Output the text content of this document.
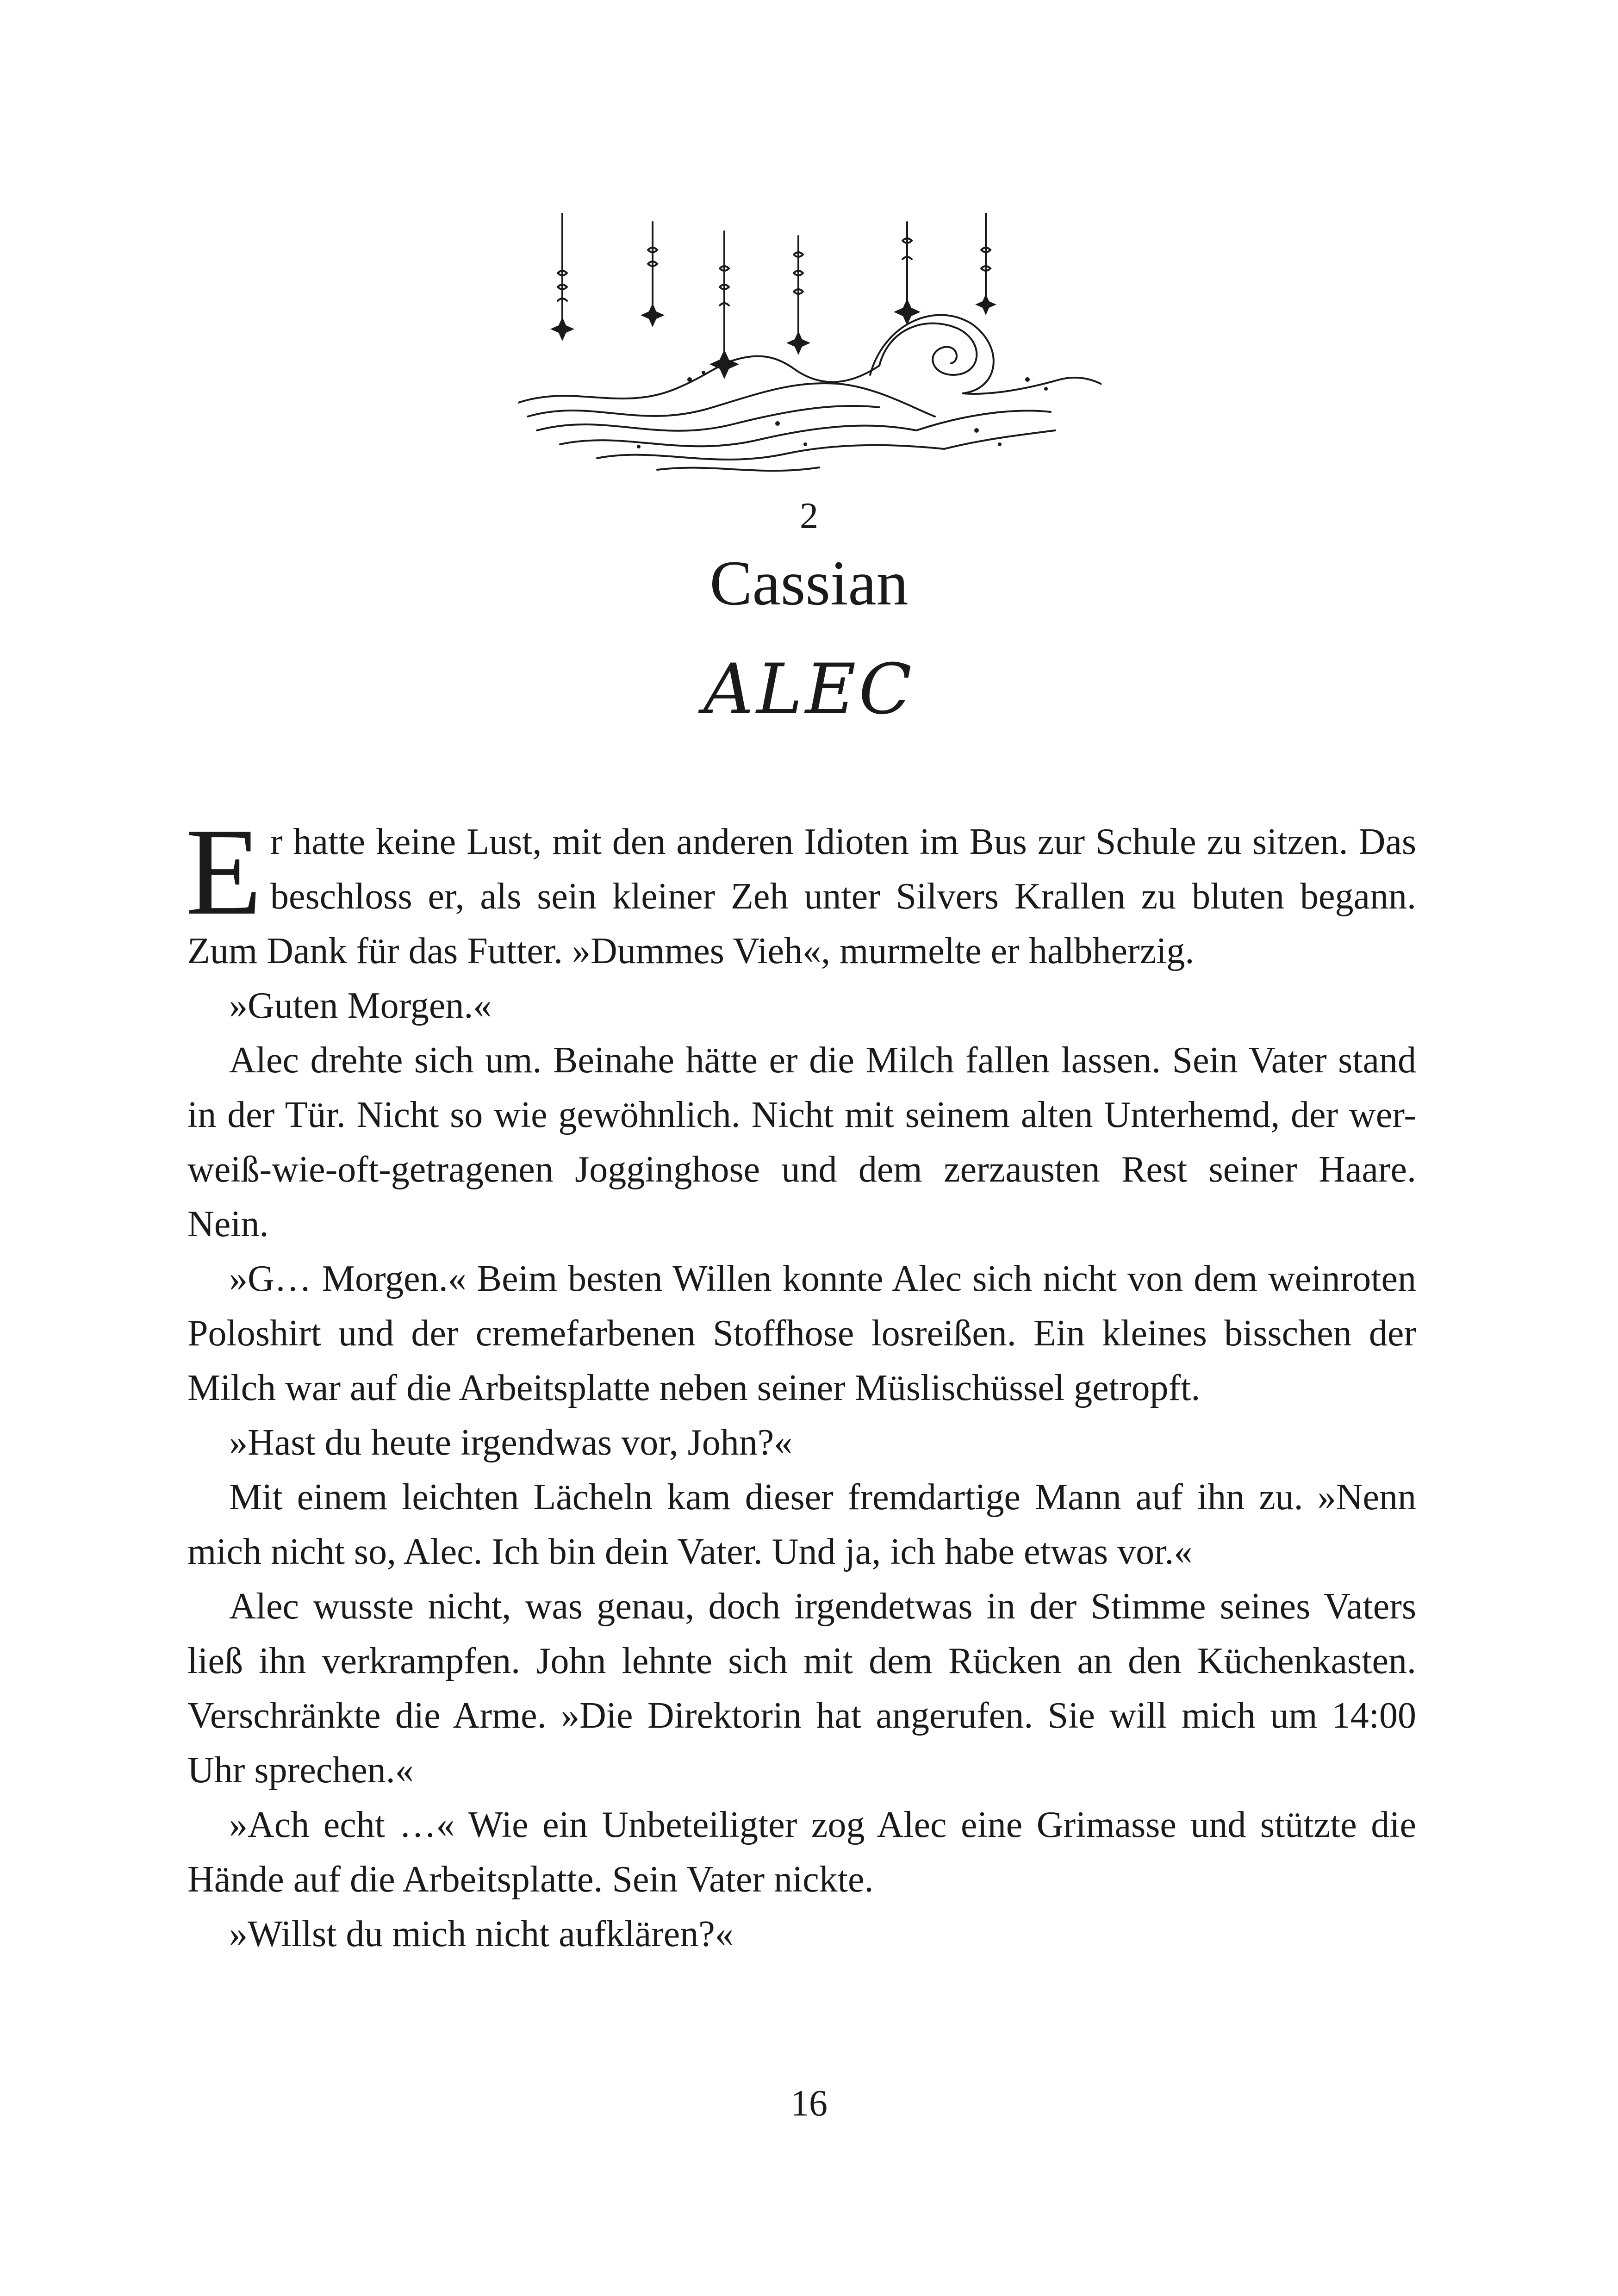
2
Cassian
ALEC

Er hatte keine Lust, mit den anderen Idioten im Bus zur Schule zu sitzen. Das beschloss er, als sein kleiner Zeh unter Silvers Krallen zu bluten begann. Zum Dank für das Futter. »Dummes Vieh«, murmelte er halbherzig.

»Guten Morgen.«

Alec drehte sich um. Beinahe hätte er die Milch fallen lassen. Sein Vater stand in der Tür. Nicht so wie gewöhnlich. Nicht mit seinem alten Unterhemd, der wer-weiß-wie-oft-getragenen Jogginghose und dem zerzausten Rest seiner Haare. Nein.

»G… Morgen.« Beim besten Willen konnte Alec sich nicht von dem weinroten Poloshirt und der cremefarbenen Stoffhose losreißen. Ein kleines bisschen der Milch war auf die Arbeitsplatte neben seiner Müslischüssel getropft.

»Hast du heute irgendwas vor, John?«

Mit einem leichten Lächeln kam dieser fremdartige Mann auf ihn zu. »Nenn mich nicht so, Alec. Ich bin dein Vater. Und ja, ich habe etwas vor.«

Alec wusste nicht, was genau, doch irgendetwas in der Stimme seines Vaters ließ ihn verkrampfen. John lehnte sich mit dem Rücken an den Küchenkasten. Verschränkte die Arme. »Die Direktorin hat angerufen. Sie will mich um 14:00 Uhr sprechen.«

»Ach echt …« Wie ein Unbeteiligter zog Alec eine Grimasse und stützte die Hände auf die Arbeitsplatte. Sein Vater nickte.

»Willst du mich nicht aufklären?«

16
